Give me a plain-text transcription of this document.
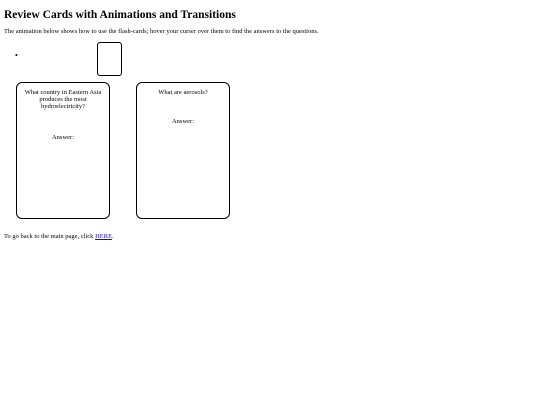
Review Cards with Animations and Transitions

The animation below shows how to use the flash-cards; hover your curser over them to find the answers to the questions.

•
What country in Eastern Asia produces the most hydroelectricity?
Answer:
What are aerosols?
Answer:

To go back to the main page, click HERE.
